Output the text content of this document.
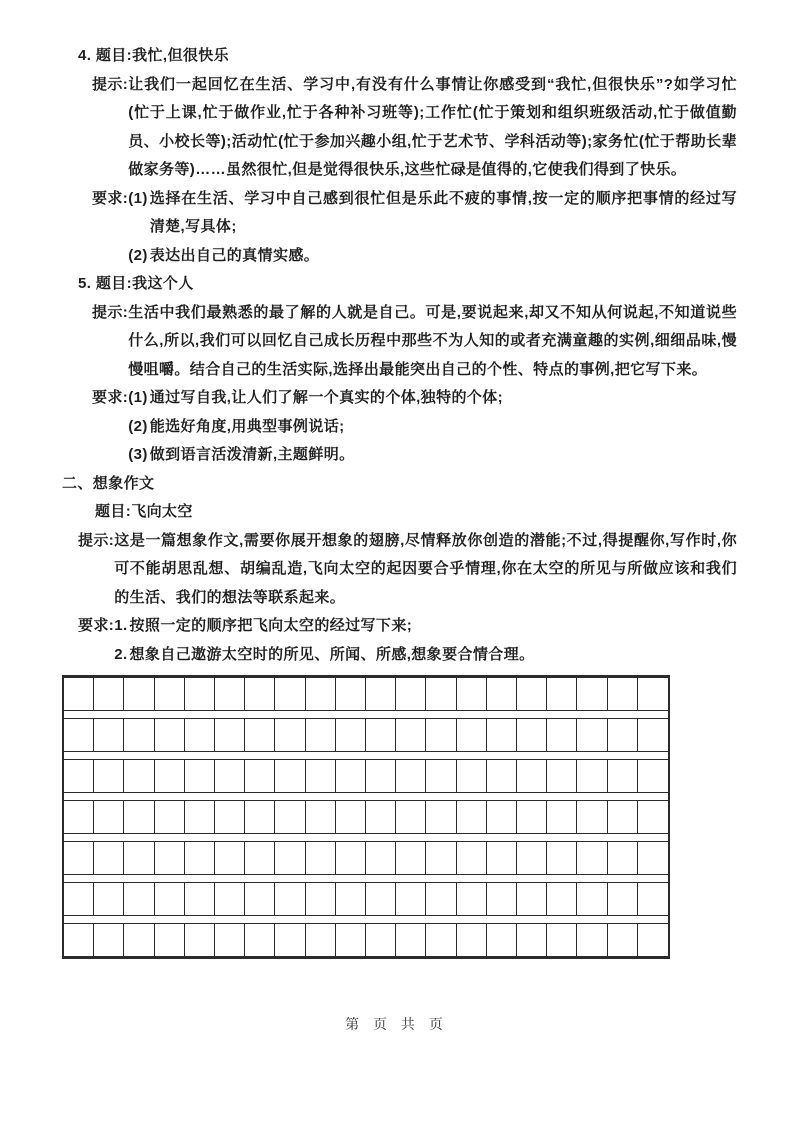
4. 题目:我忙,但很快乐
提示: 让我们一起回忆在生活、学习中,有没有什么事情让你感受到“我忙,但很快乐”?如学习忙(忙于上课,忙于做作业,忙于各种补习班等);工作忙(忙于策划和组织班级活动,忙于做值勤员、小校长等);活动忙(忙于参加兴趣小组,忙于艺术节、学科活动等);家务忙(忙于帮助长辈做家务等)……虽然很忙,但是觉得很快乐,这些忙碌是值得的,它使我们得到了快乐。

要求: (1) 选择在生活、学习中自己感到很忙但是乐此不疲的事情,按一定的顺序把事情的经过写清楚,写具体;

(2) 表达出自己的真情实感。

5. 题目:我这个人
提示: 生活中我们最熟悉的最了解的人就是自己。可是,要说起来,却又不知从何说起,不知道说些什么,所以,我们可以回忆自己成长历程中那些不为人知的或者充满童趣的实例,细细品味,慢慢咀嚼。结合自己的生活实际,选择出最能突出自己的个性、特点的事例,把它写下来。

要求: (1) 通过写自我,让人们了解一个真实的个体,独特的个体;

(2) 能选好角度,用典型事例说话;

(3) 做到语言活泼清新,主题鲜明。

二、想象作文
题目:飞向太空
提示: 这是一篇想象作文,需要你展开想象的翅膀,尽情释放你创造的潜能;不过,得提醒你,写作时,你可不能胡思乱想、胡编乱造,飞向太空的起因要合乎情理,你在太空的所见与所做应该和我们的生活、我们的想法等联系起来。

要求: 1. 按照一定的顺序把飞向太空的经过写下来;

2. 想象自己遨游太空时的所见、所闻、所感,想象要合情合理。

第 页 共 页
